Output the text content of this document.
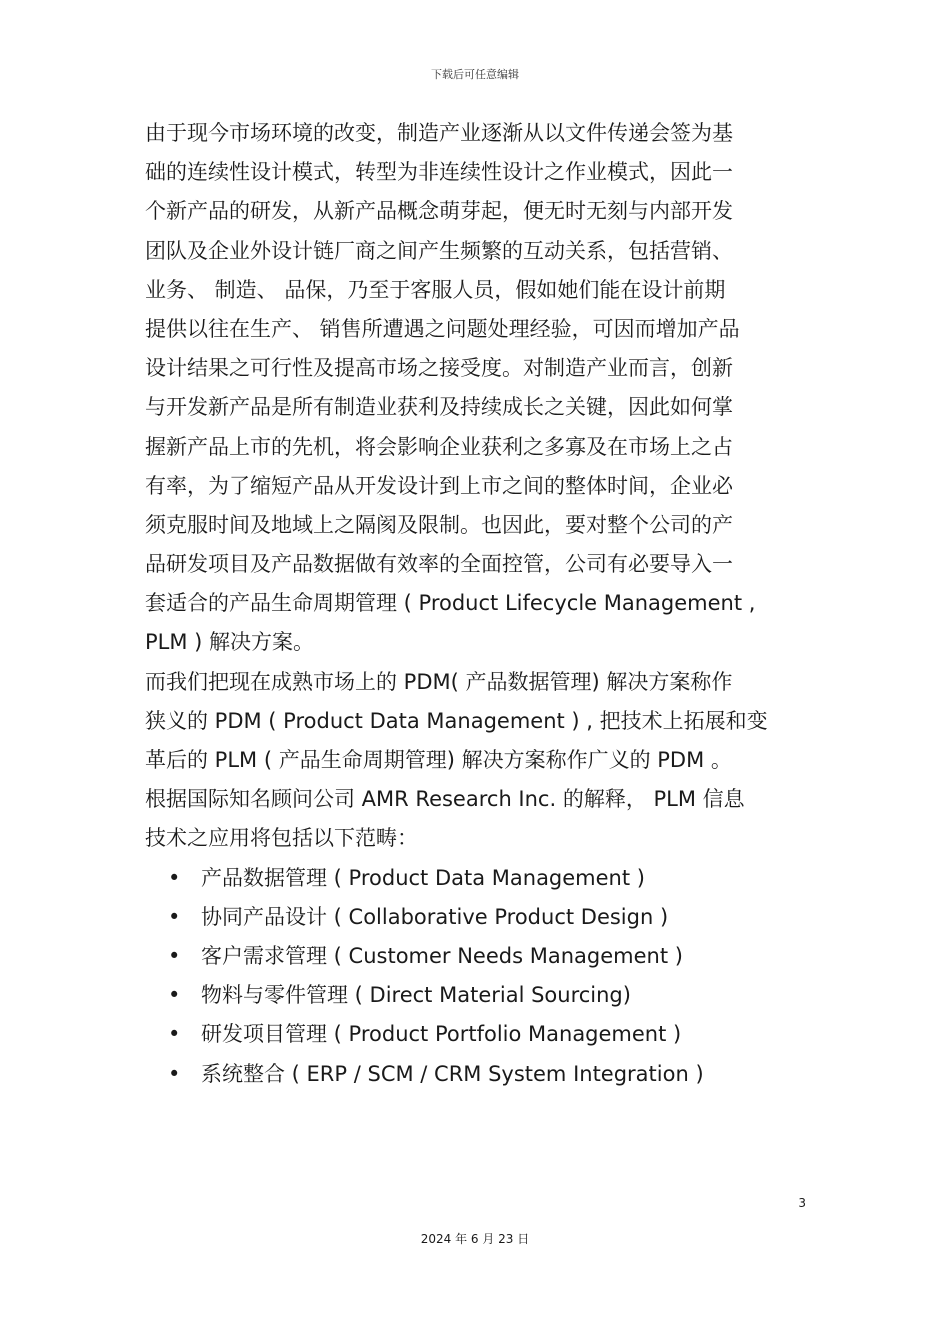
下载后可任意编辑
由于现今市场环境的改变，制造产业逐渐从以文件传递会签为基
础的连续性设计模式，转型为非连续性设计之作业模式，因此一
个新产品的研发，从新产品概念萌芽起，便无时无刻与内部开发
团队及企业外设计链厂商之间产生频繁的互动关系，包括营销、
业务、 制造、 品保，乃至于客服人员，假如她们能在设计前期
提供以往在生产、 销售所遭遇之问题处理经验，可因而增加产品
设计结果之可行性及提高市场之接受度。对制造产业而言，创新
与开发新产品是所有制造业获利及持续成长之关键，因此如何掌
握新产品上市的先机，将会影响企业获利之多寡及在市场上之占
有率，为了缩短产品从开发设计到上市之间的整体时间，企业必
须克服时间及地域上之隔阂及限制。也因此，要对整个公司的产
品研发项目及产品数据做有效率的全面控管，公司有必要导入一
套适合的产品生命周期管理 ( Product Lifecycle Management ,
PLM ) 解决方案。
而我们把现在成熟市场上的 PDM( 产品数据管理) 解决方案称作
狭义的 PDM ( Product Data Management ) , 把技术上拓展和变
革后的 PLM ( 产品生命周期管理) 解决方案称作广义的 PDM 。
根据国际知名顾问公司 AMR Research Inc. 的解释， PLM 信息
技术之应用将包括以下范畴：
• 产品数据管理 ( Product Data Management )
• 协同产品设计 ( Collaborative Product Design )
• 客户需求管理 ( Customer Needs Management )
• 物料与零件管理 ( Direct Material Sourcing)
• 研发项目管理 ( Product Portfolio Management )
• 系统整合 ( ERP / SCM / CRM System Integration )
3
2024 年 6 月 23 日
